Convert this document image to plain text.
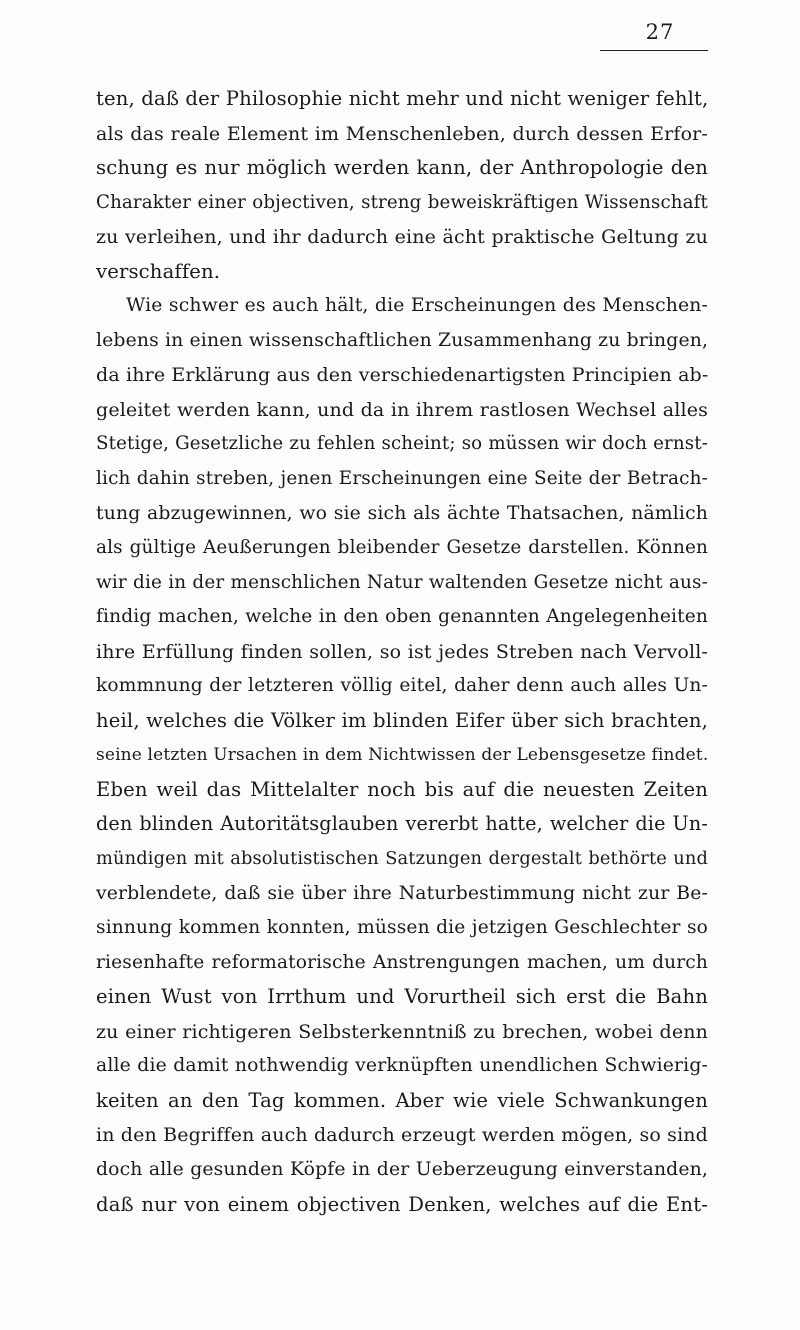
27
ten, daß der Philosophie nicht mehr und nicht weniger fehlt,
als das reale Element im Menschenleben, durch dessen Erfor-
schung es nur möglich werden kann, der Anthropologie den
Charakter einer objectiven, streng beweiskräftigen Wissenschaft
zu verleihen, und ihr dadurch eine ächt praktische Geltung zu
verschaffen.
Wie schwer es auch hält, die Erscheinungen des Menschen-
lebens in einen wissenschaftlichen Zusammenhang zu bringen,
da ihre Erklärung aus den verschiedenartigsten Principien ab-
geleitet werden kann, und da in ihrem rastlosen Wechsel alles
Stetige, Gesetzliche zu fehlen scheint; so müssen wir doch ernst-
lich dahin streben, jenen Erscheinungen eine Seite der Betrach-
tung abzugewinnen, wo sie sich als ächte Thatsachen, nämlich
als gültige Aeußerungen bleibender Gesetze darstellen. Können
wir die in der menschlichen Natur waltenden Gesetze nicht aus-
findig machen, welche in den oben genannten Angelegenheiten
ihre Erfüllung finden sollen, so ist jedes Streben nach Vervoll-
kommnung der letzteren völlig eitel, daher denn auch alles Un-
heil, welches die Völker im blinden Eifer über sich brachten,
seine letzten Ursachen in dem Nichtwissen der Lebensgesetze findet.
Eben weil das Mittelalter noch bis auf die neuesten Zeiten
den blinden Autoritätsglauben vererbt hatte, welcher die Un-
mündigen mit absolutistischen Satzungen dergestalt bethörte und
verblendete, daß sie über ihre Naturbestimmung nicht zur Be-
sinnung kommen konnten, müssen die jetzigen Geschlechter so
riesenhafte reformatorische Anstrengungen machen, um durch
einen Wust von Irrthum und Vorurtheil sich erst die Bahn
zu einer richtigeren Selbsterkenntniß zu brechen, wobei denn
alle die damit nothwendig verknüpften unendlichen Schwierig-
keiten an den Tag kommen. Aber wie viele Schwankungen
in den Begriffen auch dadurch erzeugt werden mögen, so sind
doch alle gesunden Köpfe in der Ueberzeugung einverstanden,
daß nur von einem objectiven Denken, welches auf die Ent-
